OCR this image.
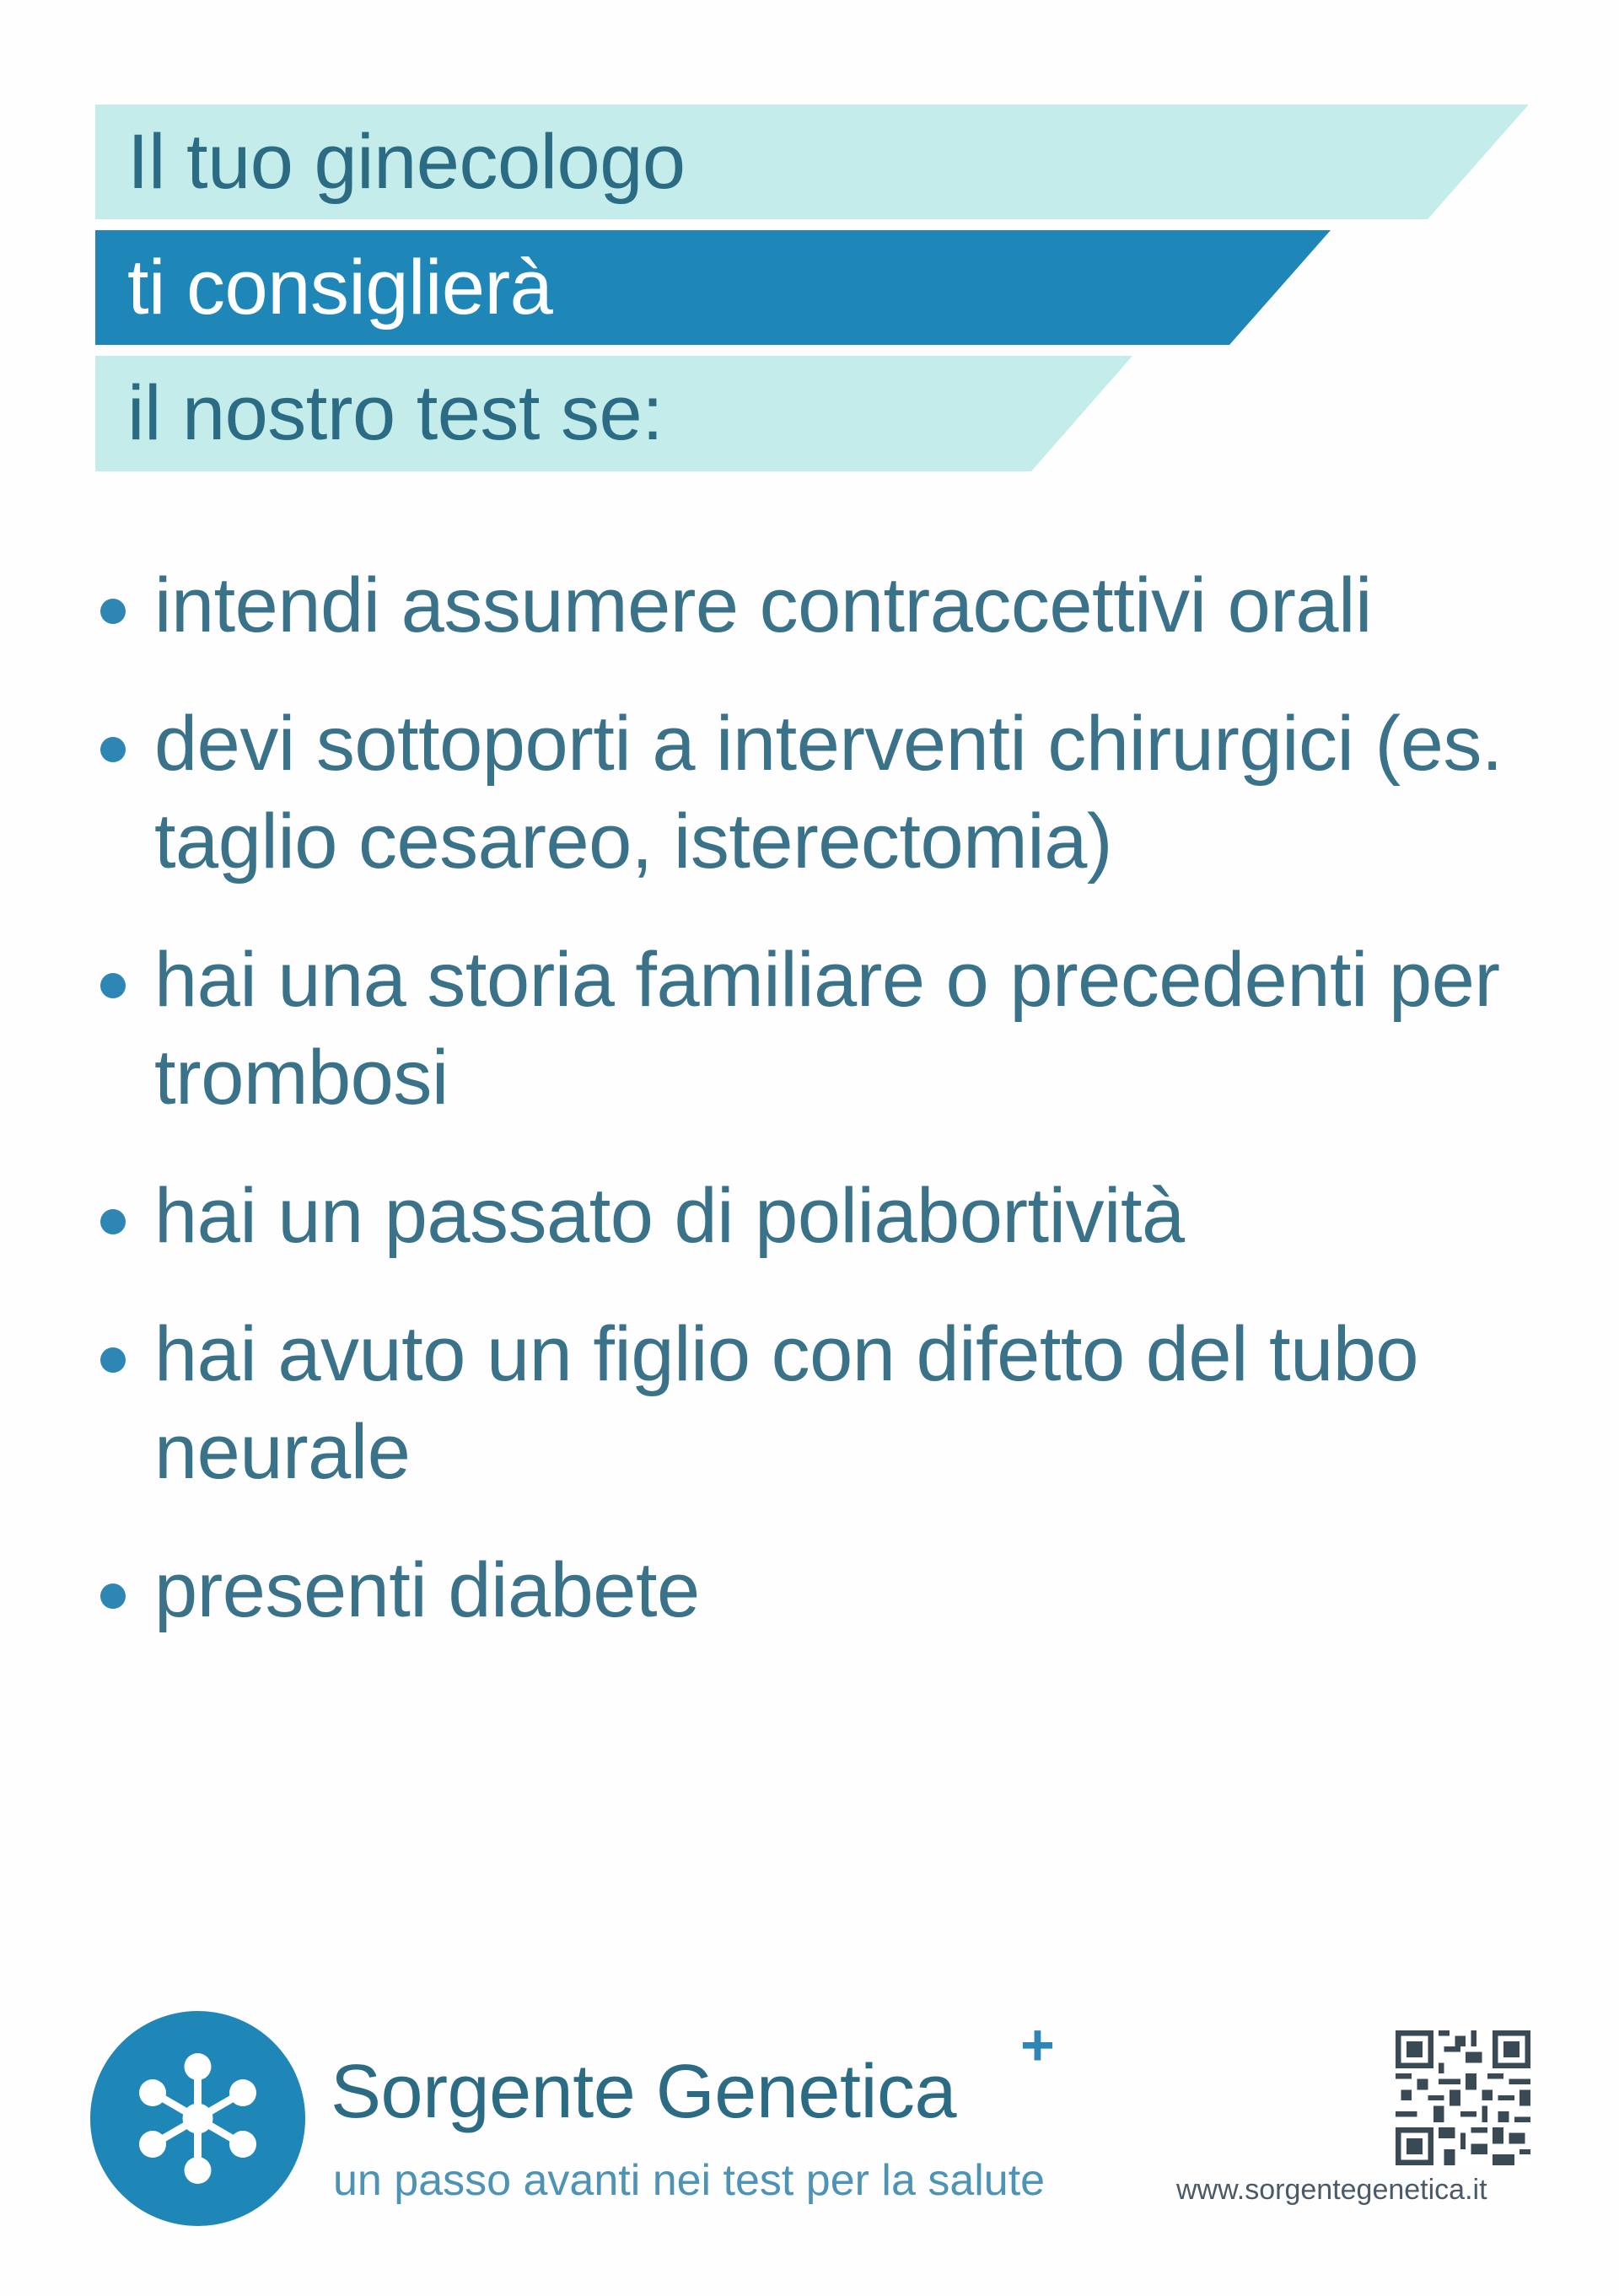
Il tuo ginecologo
ti consiglierà
il nostro test se:
intendi assumere contraccettivi orali
devi sottoporti a interventi chirurgici (es. taglio cesareo, isterectomia)
hai una storia familiare o precedenti per trombosi
hai un passato di poliabortività
hai avuto un figlio con difetto del tubo neurale
presenti diabete
Sorgente Genetica
+
un passo avanti nei test per la salute	www.sorgentegenetica.it
